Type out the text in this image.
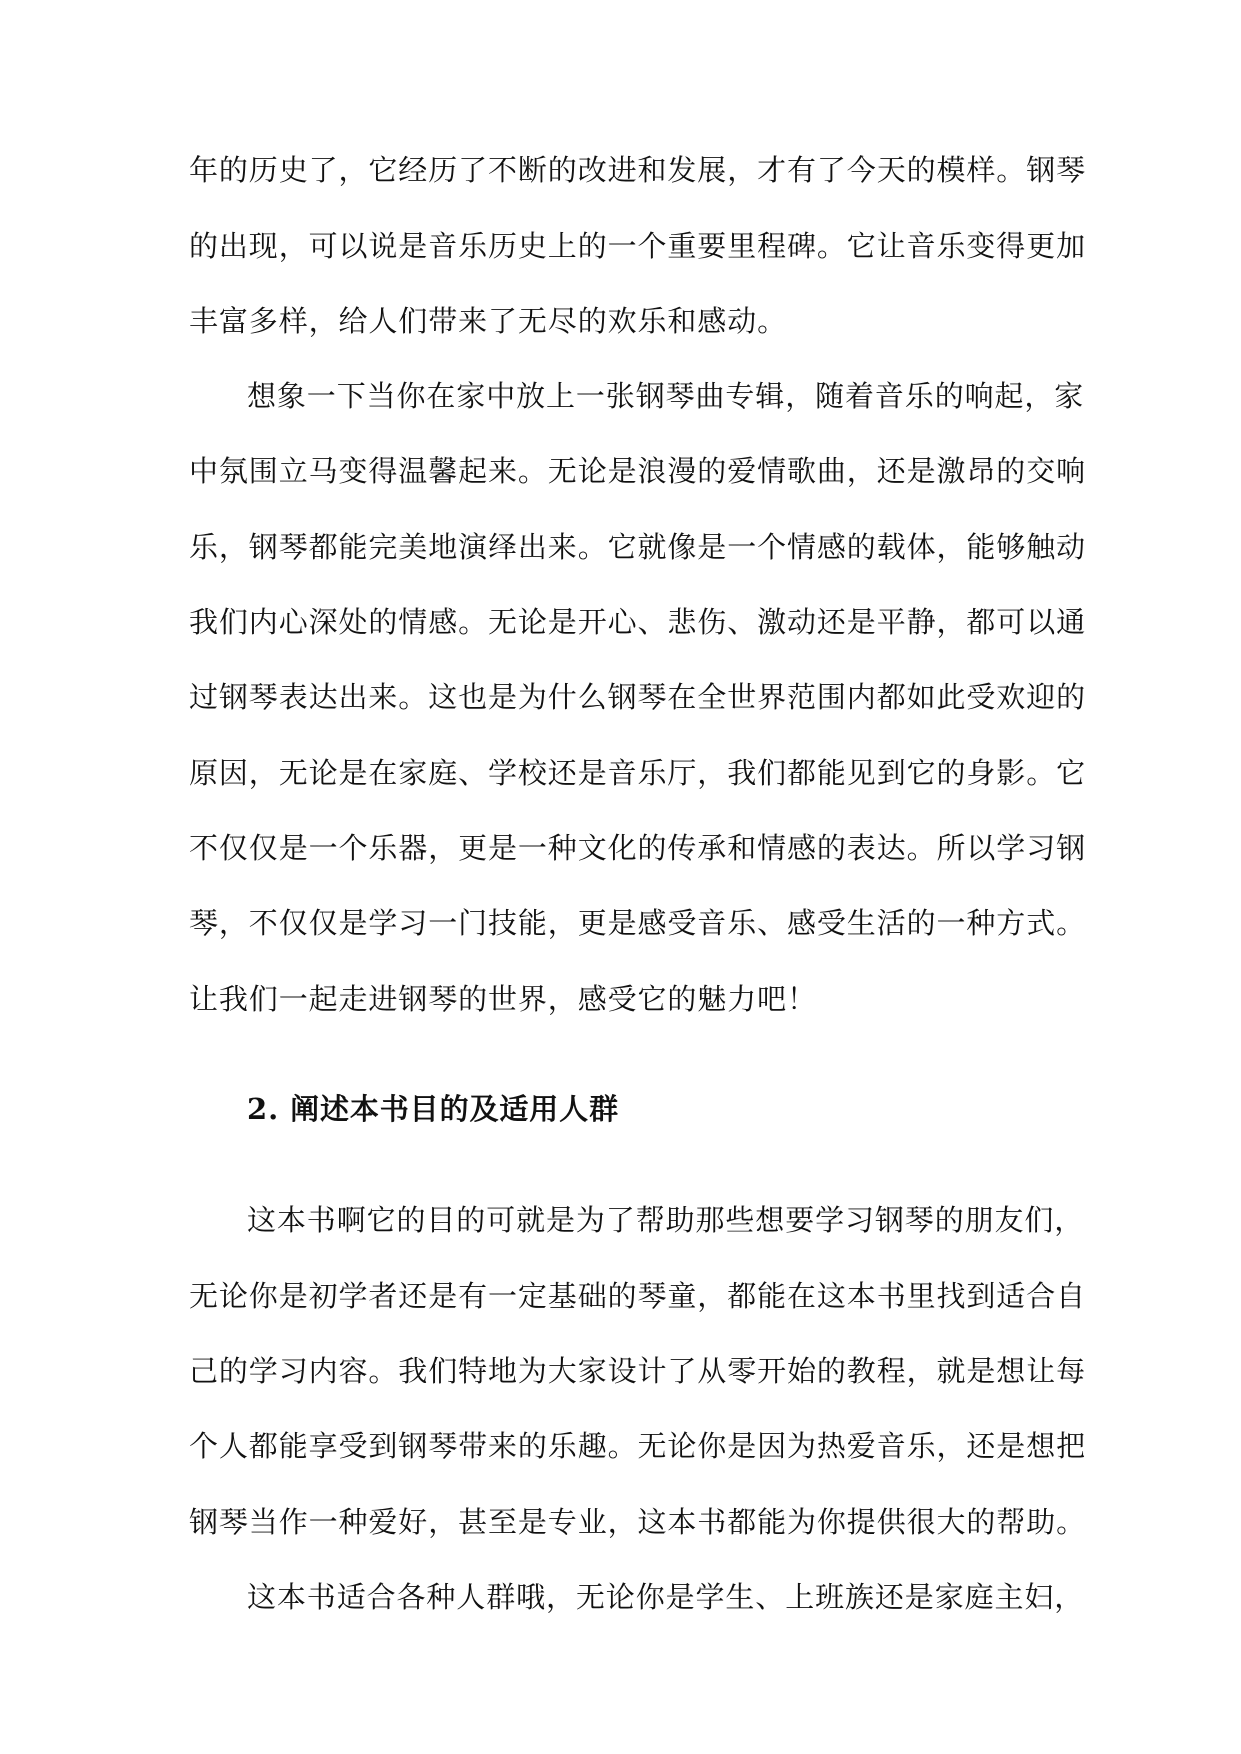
年的历史了，它经历了不断的改进和发展，才有了今天的模样。钢琴
的出现，可以说是音乐历史上的一个重要里程碑。它让音乐变得更加
丰富多样，给人们带来了无尽的欢乐和感动。
想象一下当你在家中放上一张钢琴曲专辑，随着音乐的响起，家
中氛围立马变得温馨起来。无论是浪漫的爱情歌曲，还是激昂的交响
乐，钢琴都能完美地演绎出来。它就像是一个情感的载体，能够触动
我们内心深处的情感。无论是开心、悲伤、激动还是平静，都可以通
过钢琴表达出来。这也是为什么钢琴在全世界范围内都如此受欢迎的
原因，无论是在家庭、学校还是音乐厅，我们都能见到它的身影。它
不仅仅是一个乐器，更是一种文化的传承和情感的表达。所以学习钢
琴，不仅仅是学习一门技能，更是感受音乐、感受生活的一种方式。
让我们一起走进钢琴的世界，感受它的魅力吧！
2. 阐述本书目的及适用人群
这本书啊它的目的可就是为了帮助那些想要学习钢琴的朋友们，
无论你是初学者还是有一定基础的琴童，都能在这本书里找到适合自
己的学习内容。我们特地为大家设计了从零开始的教程，就是想让每
个人都能享受到钢琴带来的乐趣。无论你是因为热爱音乐，还是想把
钢琴当作一种爱好，甚至是专业，这本书都能为你提供很大的帮助。
这本书适合各种人群哦，无论你是学生、上班族还是家庭主妇，
